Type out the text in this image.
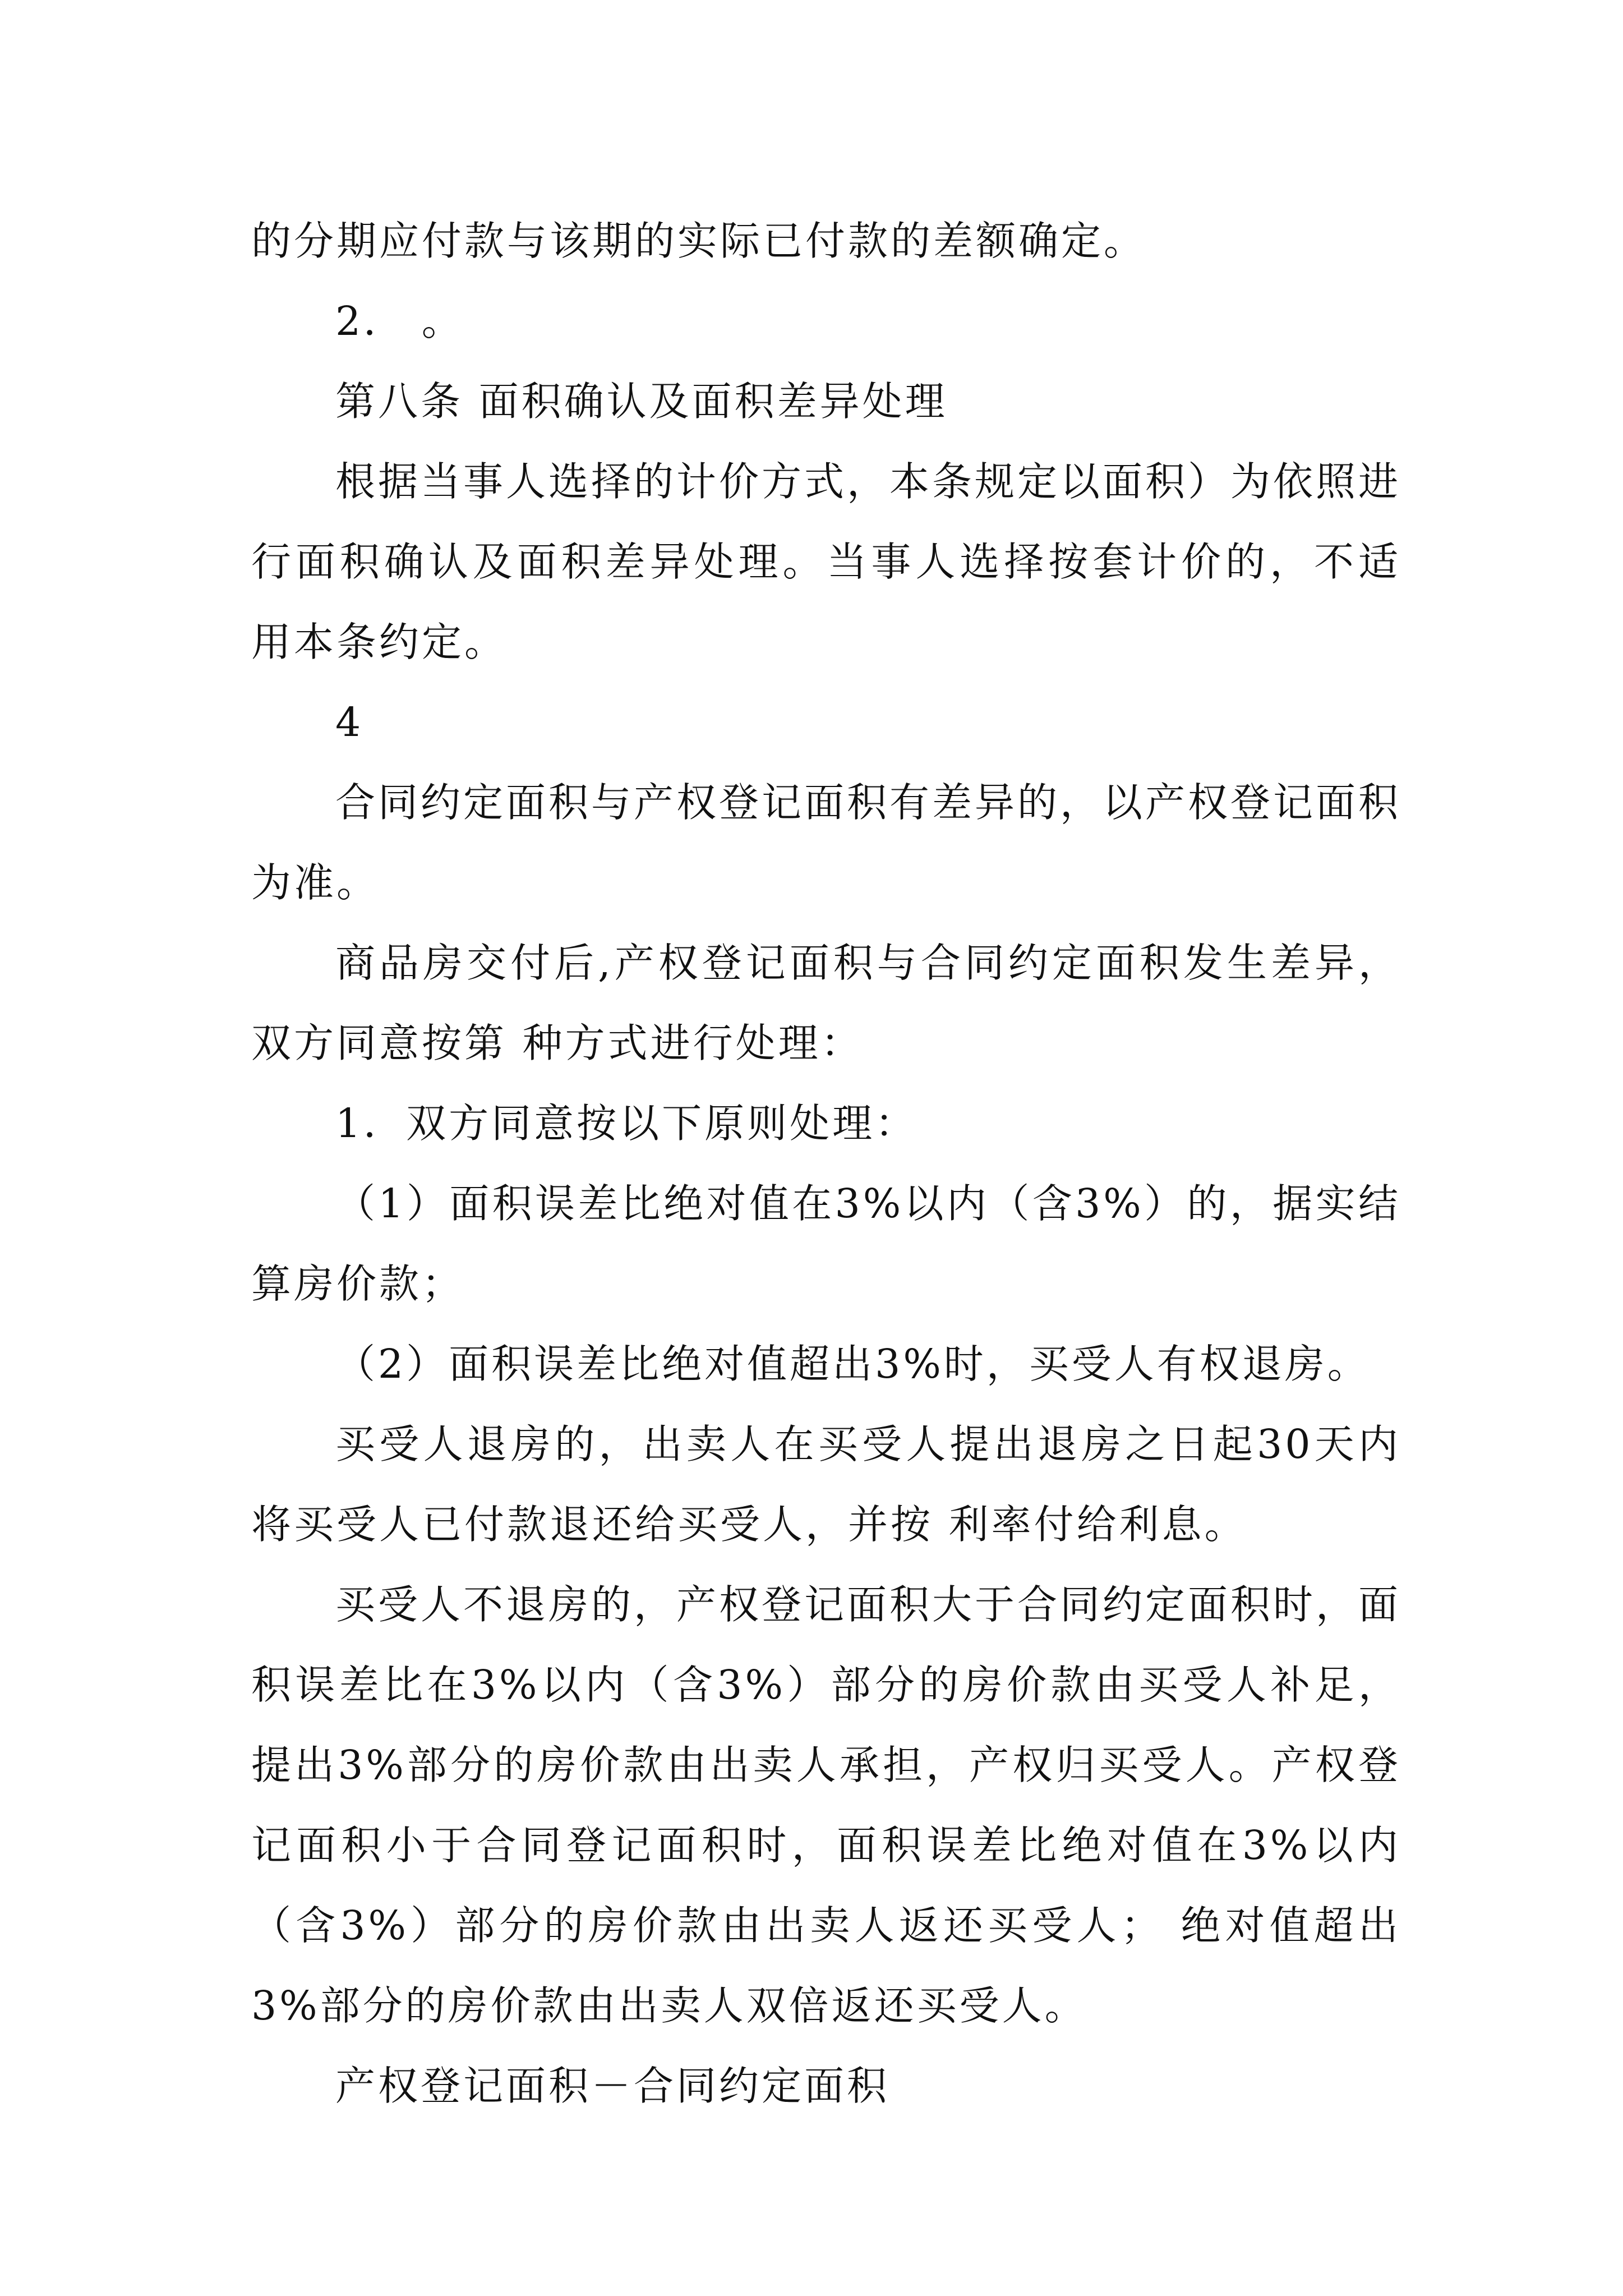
的分期应付款与该期的实际已付款的差额确定。

2． 。

第八条 面积确认及面积差异处理

根据当事人选择的计价方式，本条规定以面积）为依照进行面积确认及面积差异处理。当事人选择按套计价的，不适用本条约定。

4

合同约定面积与产权登记面积有差异的，以产权登记面积为准。

商品房交付后,产权登记面积与合同约定面积发生差异，双方同意按第 种方式进行处理：

1．双方同意按以下原则处理：

（1）面积误差比绝对值在3%以内（含3%）的，据实结算房价款；

（2）面积误差比绝对值超出3%时，买受人有权退房。

买受人退房的，出卖人在买受人提出退房之日起30天内将买受人已付款退还给买受人，并按 利率付给利息。

买受人不退房的，产权登记面积大于合同约定面积时，面积误差比在3%以内（含3%）部分的房价款由买受人补足，提出3%部分的房价款由出卖人承担，产权归买受人。产权登记面积小于合同登记面积时，面积误差比绝对值在3%以内（含3%）部分的房价款由出卖人返还买受人； 绝对值超出3%部分的房价款由出卖人双倍返还买受人。

产权登记面积－合同约定面积
